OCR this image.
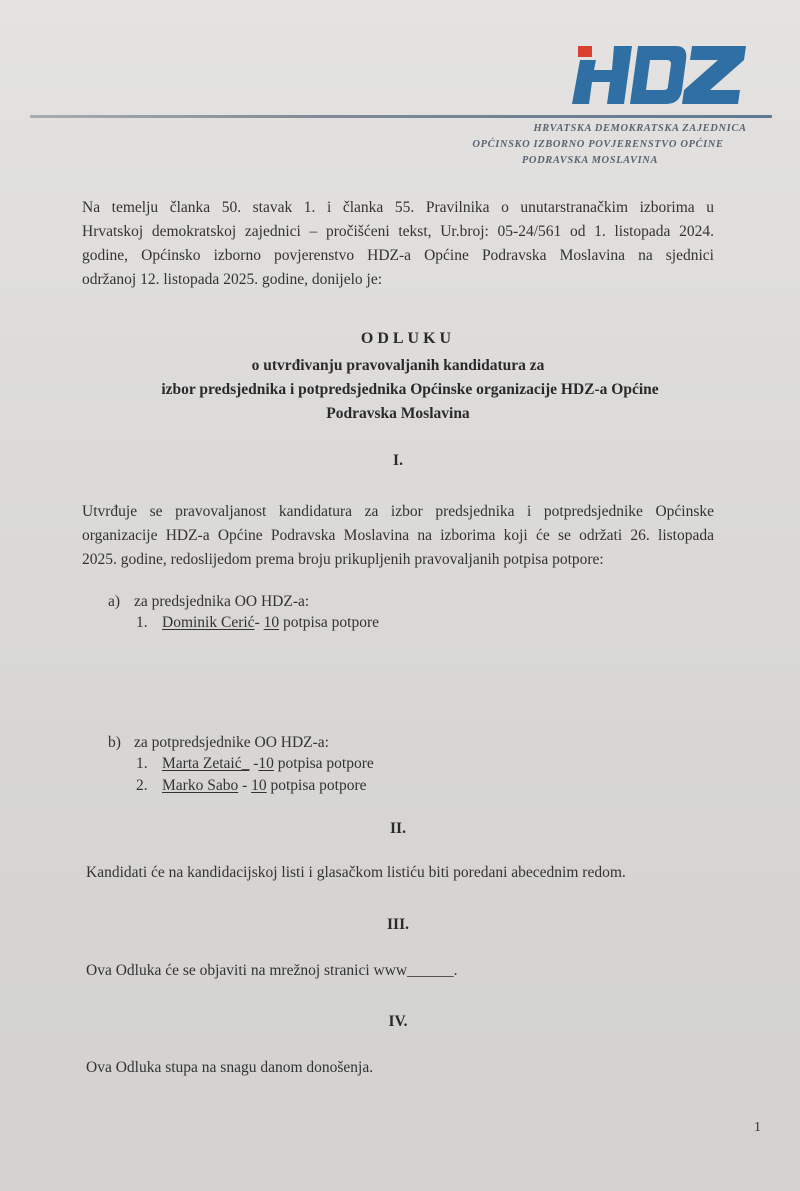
HRVATSKA DEMOKRATSKA ZAJEDNICA
OPĆINSKO IZBORNO POVJERENSTVO OPĆINE
PODRAVSKA MOSLAVINA
Na temelju članka 50. stavak 1. i članka 55. Pravilnika o unutarstranačkim izborima u
Hrvatskoj demokratskoj zajednici – pročišćeni tekst, Ur.broj: 05-24/561 od 1. listopada 2024.
godine, Općinsko izborno povjerenstvo HDZ-a Općine Podravska Moslavina na sjednici
održanoj 12. listopada 2025. godine, donijelo je:
ODLUKU
o utvrđivanju pravovaljanih kandidatura za
izbor predsjednika i potpredsjednika Općinske organizacije HDZ-a Općine
Podravska Moslavina
I.
Utvrđuje se pravovaljanost kandidatura za izbor predsjednika i potpredsjednike Općinske
organizacije HDZ-a Općine Podravska Moslavina na izborima koji će se održati 26. listopada
2025. godine, redoslijedom prema broju prikupljenih pravovaljanih potpisa potpore:
a) za predsjednika OO HDZ-a:
1. Dominik Cerić- 10 potpisa potpore
b) za potpredsjednike OO HDZ-a:
1. Marta Zetaić_ -10 potpisa potpore
2. Marko Sabo - 10 potpisa potpore
II.
Kandidati će na kandidacijskoj listi i glasačkom listiću biti poredani abecednim redom.
III.
Ova Odluka će se objaviti na mrežnoj stranici www______.
IV.
Ova Odluka stupa na snagu danom donošenja.
1
